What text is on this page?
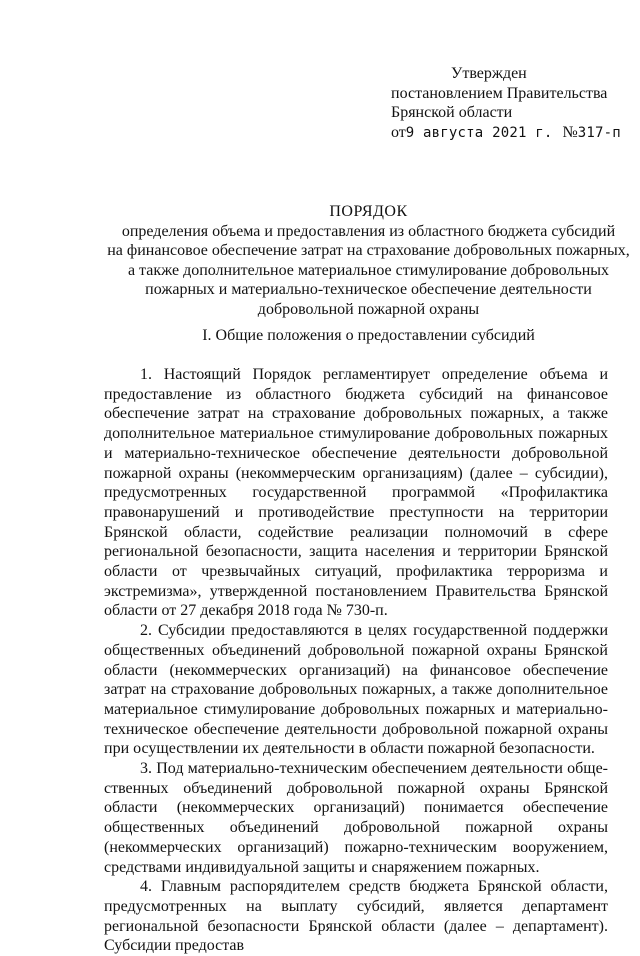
Утвержден
постановлением Правительства
Брянской области
от9 августа 2021 г. №317-п
ПОРЯДОК
определения объема и предоставления из областного бюджета субсидий
на финансовое обеспечение затрат на страхование добровольных пожарных,
а также дополнительное материальное стимулирование добровольных
пожарных и материально-техническое обеспечение деятельности
добровольной пожарной охраны
I. Общие положения о предоставлении субсидий

1. Настоящий Порядок регламентирует определение объема и предоставление из областного бюджета субсидий на финансовое обеспечение затрат на страхование добровольных пожарных, а также дополнительное материальное стимулирование добровольных пожарных и материально-техническое обеспечение деятельности добровольной пожарной охраны (некоммерческим организациям) (далее – субсидии), предусмотренных государственной программой «Профилактика правонарушений и противодействие преступности на территории Брянской области, содействие реализации полномочий в сфере региональной безопасности, защита населения и территории Брянской области от чрезвычайных ситуаций, профилактика терроризма и экстремизма», утвержденной постановлением Правительства Брянской области от 27 декабря 2018 года № 730-п.

2. Субсидии предоставляются в целях государственной поддержки общественных объединений добровольной пожарной охраны Брянской области (некоммерческих организаций) на финансовое обеспечение затрат на страхование добровольных пожарных, а также дополнительное материальное стимулирование добровольных пожарных и материально-техническое обеспечение деятельности добровольной пожарной охраны при осуществлении их деятельности в области пожарной безопасности.

3. Под материально-техническим обеспечением деятельности общественных объединений добровольной пожарной охраны Брянской области (некоммерческих организаций) понимается обеспечение общественных объединений добровольной пожарной охраны (некоммерческих организаций) пожарно-техническим вооружением, средствами индивидуальной защиты и снаряжением пожарных.

4. Главным распорядителем средств бюджета Брянской области, предусмотренных на выплату субсидий, является департамент региональной безопасности Брянской области (далее – департамент). Субсидии предостав
